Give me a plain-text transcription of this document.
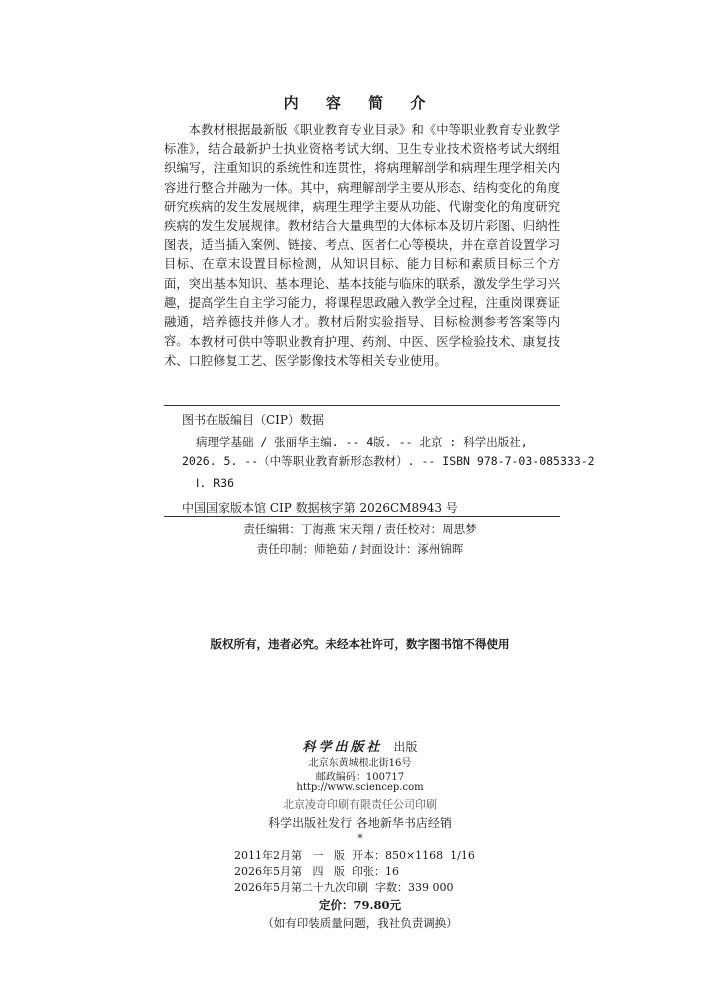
内 容 简 介
本教材根据最新版《职业教育专业目录》和《中等职业教育专业教学标准》，结合最新护士执业资格考试大纲、卫生专业技术资格考试大纲组织编写，注重知识的系统性和连贯性，将病理解剖学和病理生理学相关内容进行整合并融为一体。其中，病理解剖学主要从形态、结构变化的角度研究疾病的发生发展规律，病理生理学主要从功能、代谢变化的角度研究疾病的发生发展规律。教材结合大量典型的大体标本及切片彩图、归纳性图表，适当插入案例、链接、考点、医者仁心等模块，并在章首设置学习目标、在章末设置目标检测，从知识目标、能力目标和素质目标三个方面，突出基本知识、基本理论、基本技能与临床的联系，激发学生学习兴趣，提高学生自主学习能力，将课程思政融入教学全过程，注重岗课赛证融通，培养德技并修人才。教材后附实验指导、目标检测参考答案等内容。 本教材可供中等职业教育护理、药剂、中医、医学检验技术、康复技术、口腔修复工艺、医学影像技术等相关专业使用。
图书在版编目（CIP）数据
病理学基础 / 张丽华主编. -- 4版. -- 北京 : 科学出版社,
2026. 5. --（中等职业教育新形态教材）. -- ISBN 978-7-03-085333-2
Ⅰ. R36
中国国家版本馆 CIP 数据核字第 2026CM8943 号
责任编辑：丁海燕 宋天翔 / 责任校对：周思梦
责任印制：师艳茹 / 封面设计：涿州锦晖
版权所有，违者必究。未经本社许可，数字图书馆不得使用
科学出版社 出版
北京东黄城根北街16号
邮政编码：100717
http://www.sciencep.com
北京凌奇印刷有限责任公司印刷
科学出版社发行 各地新华书店经销
*
2011年2月第   一   版  开本：850×1168  1/16
2026年5月第   四   版  印张：16
2026年5月第二十九次印刷  字数：339 000
定价：79.80元
（如有印装质量问题，我社负责调换）
